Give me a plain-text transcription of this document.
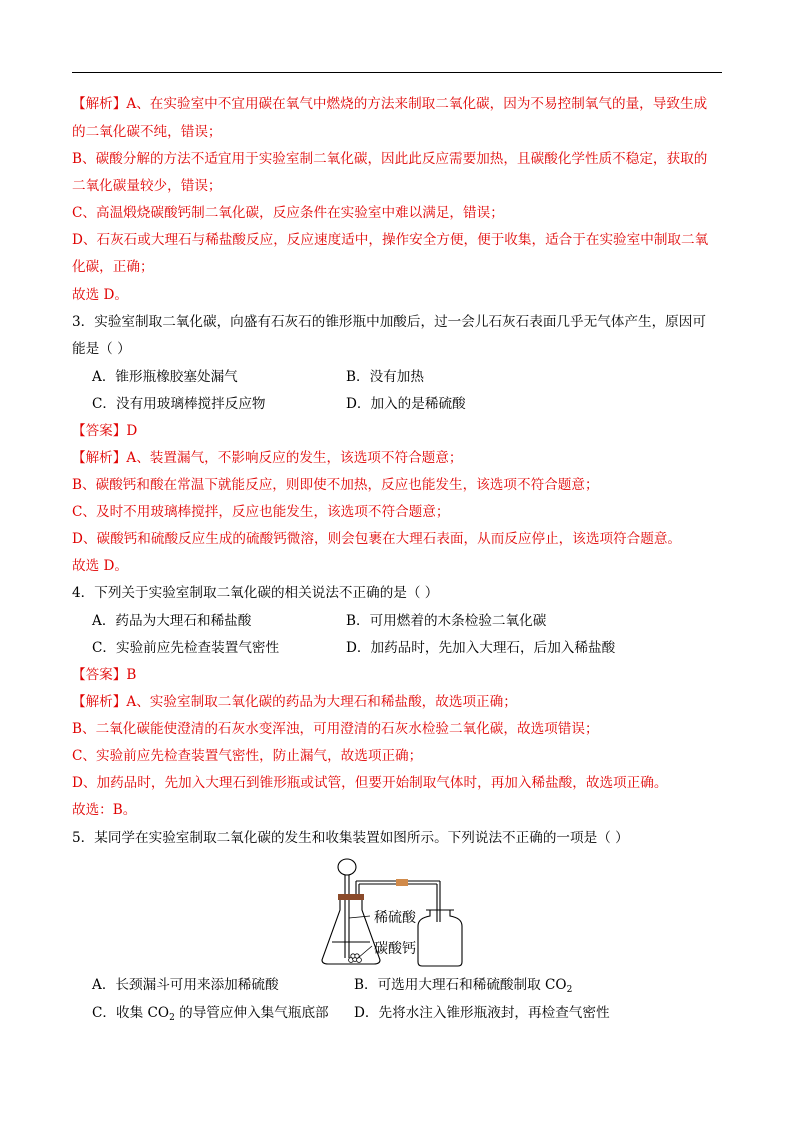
【解析】A、在实验室中不宜用碳在氧气中燃烧的方法来制取二氧化碳，因为不易控制氧气的量，导致生成
的二氧化碳不纯，错误；
B、碳酸分解的方法不适宜用于实验室制二氧化碳，因此此反应需要加热，且碳酸化学性质不稳定，获取的
二氧化碳量较少，错误；
C、高温煅烧碳酸钙制二氧化碳，反应条件在实验室中难以满足，错误；
D、石灰石或大理石与稀盐酸反应，反应速度适中，操作安全方便，便于收集，适合于在实验室中制取二氧
化碳，正确；
故选 D。
3．实验室制取二氧化碳，向盛有石灰石的锥形瓶中加酸后，过一会儿石灰石表面几乎无气体产生，原因可
能是（ ）
A．锥形瓶橡胶塞处漏气	B．没有加热
C．没有用玻璃棒搅拌反应物	D．加入的是稀硫酸
【答案】D
【解析】A、装置漏气，不影响反应的发生，该选项不符合题意；
B、碳酸钙和酸在常温下就能反应，则即使不加热，反应也能发生，该选项不符合题意；
C、及时不用玻璃棒搅拌，反应也能发生，该选项不符合题意；
D、碳酸钙和硫酸反应生成的硫酸钙微溶，则会包裹在大理石表面，从而反应停止，该选项符合题意。
故选 D。
4．下列关于实验室制取二氧化碳的相关说法不正确的是（ ）
A．药品为大理石和稀盐酸	B．可用燃着的木条检验二氧化碳
C．实验前应先检查装置气密性	D．加药品时，先加入大理石，后加入稀盐酸
【答案】B
【解析】A、实验室制取二氧化碳的药品为大理石和稀盐酸，故选项正确；
B、二氧化碳能使澄清的石灰水变浑浊，可用澄清的石灰水检验二氧化碳，故选项错误；
C、实验前应先检查装置气密性，防止漏气，故选项正确；
D、加药品时，先加入大理石到锥形瓶或试管，但要开始制取气体时，再加入稀盐酸，故选项正确。
故选：B。
5．某同学在实验室制取二氧化碳的发生和收集装置如图所示。下列说法不正确的一项是（ ）
稀硫酸
碳酸钙
A．长颈漏斗可用来添加稀硫酸	B．可选用大理石和稀硫酸制取 $CO_2$
C．收集 $CO_2$ 的导管应伸入集气瓶底部 D．先将水注入锥形瓶液封，再检查气密性
